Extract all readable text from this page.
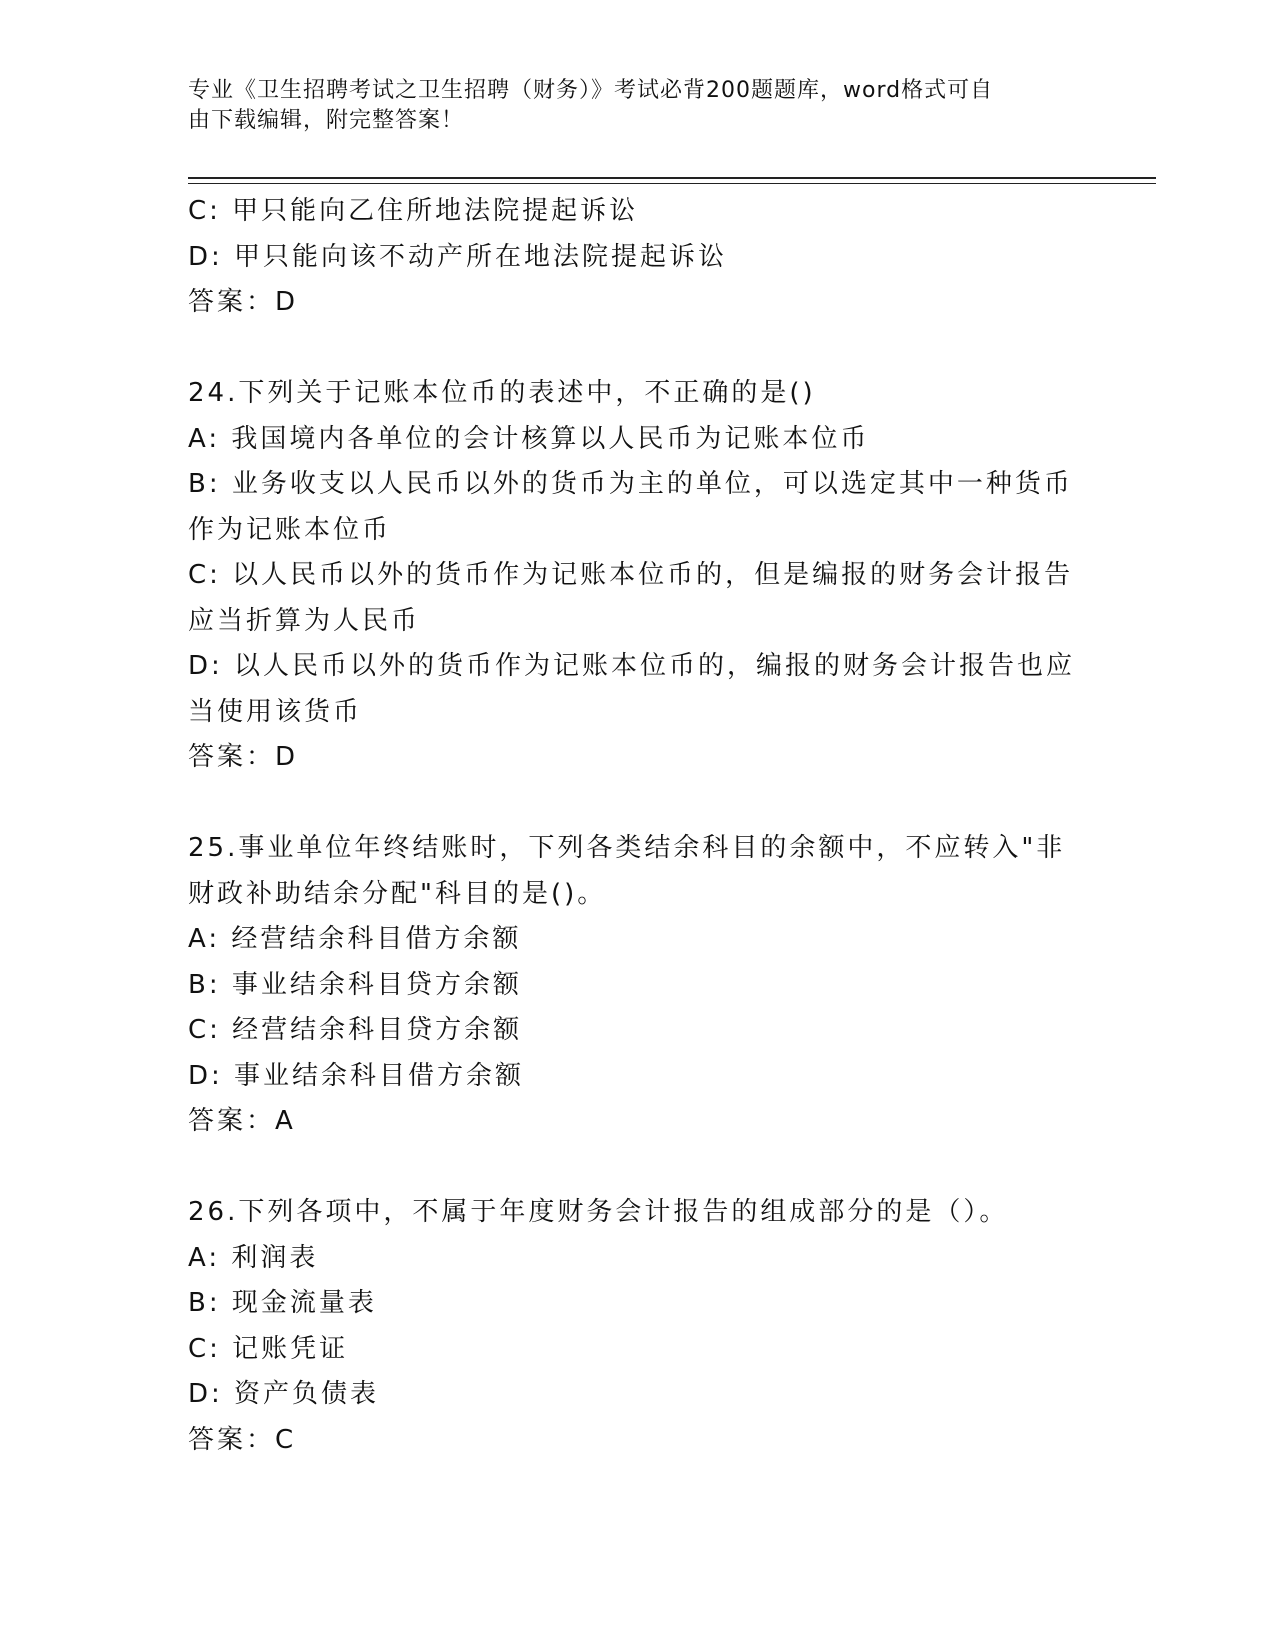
专业《卫生招聘考试之卫生招聘（财务）》考试必背200题题库，word格式可自
由下载编辑，附完整答案！
C: 甲只能向乙住所地法院提起诉讼
D: 甲只能向该不动产所在地法院提起诉讼
答案：D
24.下列关于记账本位币的表述中，不正确的是()
A: 我国境内各单位的会计核算以人民币为记账本位币
B: 业务收支以人民币以外的货币为主的单位，可以选定其中一种货币
作为记账本位币
C: 以人民币以外的货币作为记账本位币的，但是编报的财务会计报告
应当折算为人民币
D: 以人民币以外的货币作为记账本位币的，编报的财务会计报告也应
当使用该货币
答案：D
25.事业单位年终结账时，下列各类结余科目的余额中，不应转入"非
财政补助结余分配"科目的是()。
A: 经营结余科目借方余额
B: 事业结余科目贷方余额
C: 经营结余科目贷方余额
D: 事业结余科目借方余额
答案：A
26.下列各项中，不属于年度财务会计报告的组成部分的是（）。
A: 利润表
B: 现金流量表
C: 记账凭证
D: 资产负债表
答案：C
